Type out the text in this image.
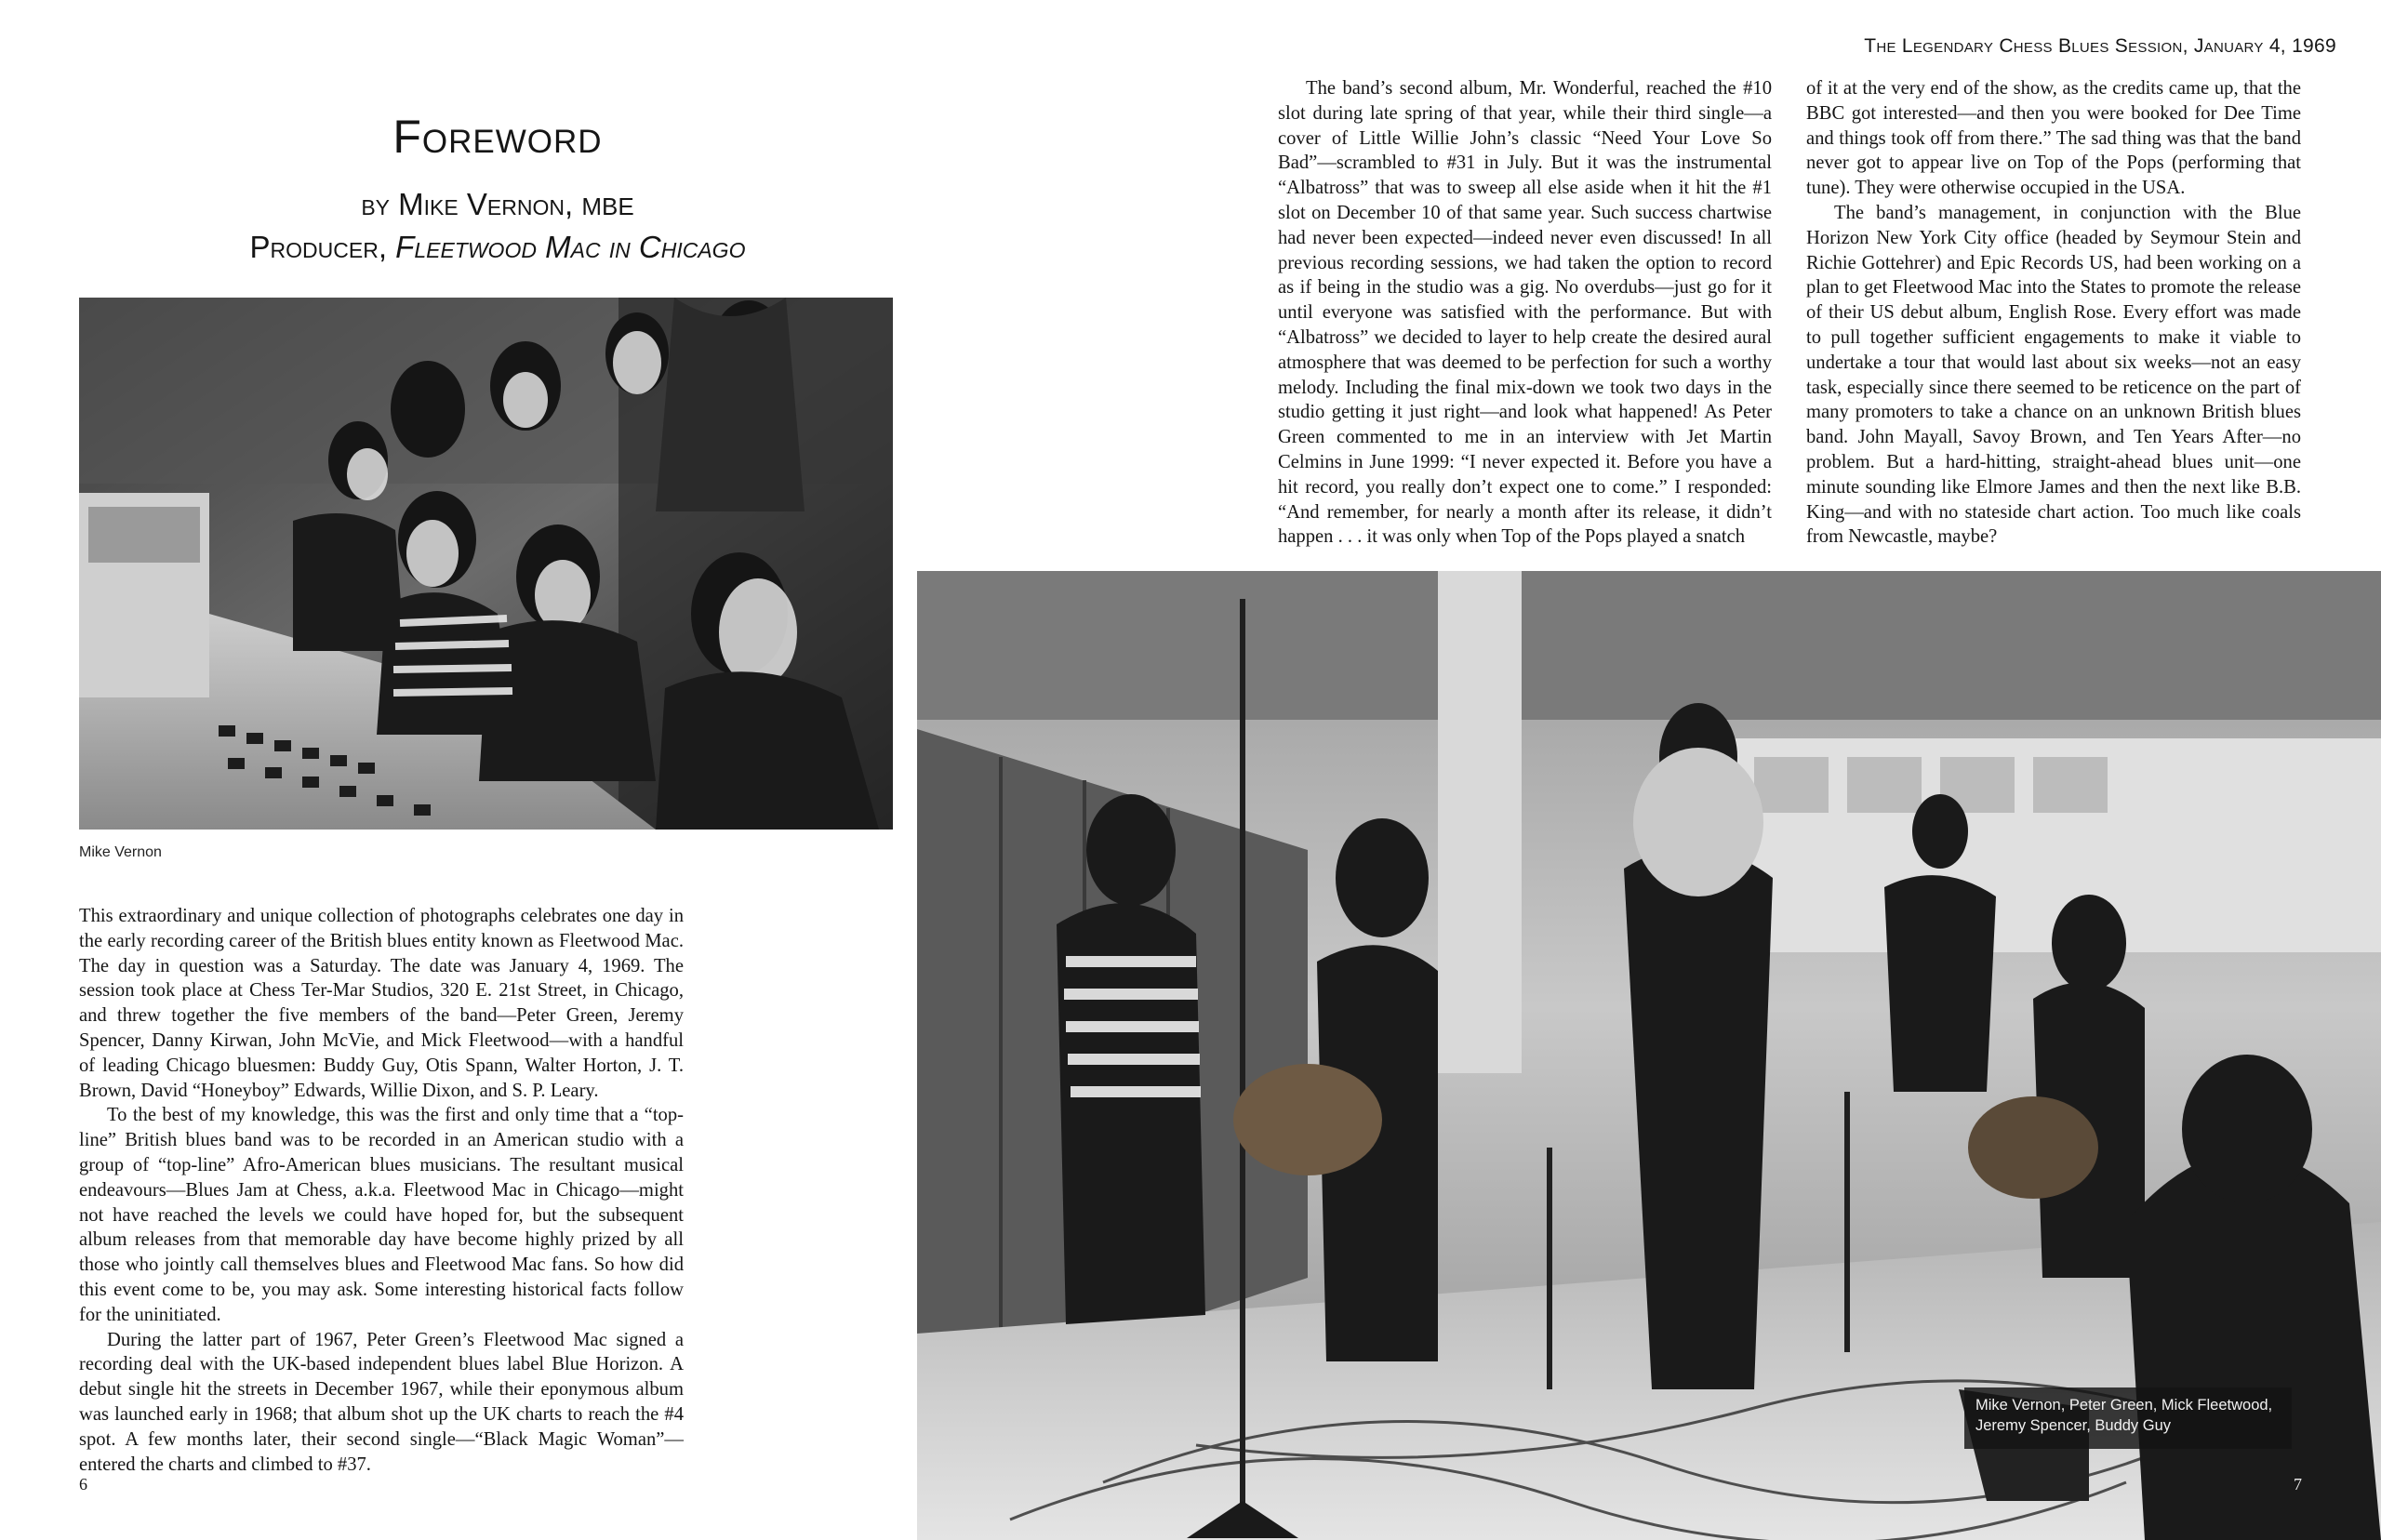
Foreword
by Mike Vernon, MBE
Producer, Fleetwood Mac in Chicago
Mike Vernon

This extraordinary and unique collection of photographs celebrates one day in the early recording career of the British blues entity known as Fleetwood Mac. The day in question was a Saturday. The date was January 4, 1969. The session took place at Chess Ter-Mar Studios, 320 E. 21st Street, in Chicago, and threw together the five members of the band—Peter Green, Jeremy Spencer, Danny Kirwan, John McVie, and Mick Fleetwood—with a handful of leading Chicago bluesmen: Buddy Guy, Otis Spann, Walter Horton, J. T. Brown, David “Honeyboy” Edwards, Willie Dixon, and S. P. Leary.

To the best of my knowledge, this was the first and only time that a “top-line” British blues band was to be recorded in an American studio with a group of “top-line” Afro-American blues musicians. The resultant musical endeavours—Blues Jam at Chess, a.k.a. Fleetwood Mac in Chicago—might not have reached the levels we could have hoped for, but the subsequent album releases from that memorable day have become highly prized by all those who jointly call themselves blues and Fleetwood Mac fans. So how did this event come to be, you may ask. Some interesting historical facts follow for the uninitiated.

During the latter part of 1967, Peter Green’s Fleetwood Mac signed a recording deal with the UK-based independent blues label Blue Horizon. A debut single hit the streets in December 1967, while their eponymous album was launched early in 1968; that album shot up the UK charts to reach the #4 spot. A few months later, their second single—“Black Magic Woman”—entered the charts and climbed to #37.

6
The Legendary Chess Blues Session, January 4, 1969

The band’s second album, Mr. Wonderful, reached the #10 slot during late spring of that year, while their third single—a cover of Little Willie John’s classic “Need Your Love So Bad”—scrambled to #31 in July. But it was the instrumental “Albatross” that was to sweep all else aside when it hit the #1 slot on December 10 of that same year. Such success chartwise had never been expected—indeed never even discussed! In all previous recording sessions, we had taken the option to record as if being in the studio was a gig. No overdubs—just go for it until everyone was satisfied with the performance. But with “Albatross” we decided to layer to help create the desired aural atmosphere that was deemed to be perfection for such a worthy melody. Including the final mix-down we took two days in the studio getting it just right—and look what happened! As Peter Green commented to me in an interview with Jet Martin Celmins in June 1999: “I never expected it. Before you have a hit record, you really don’t expect one to come.” I responded: “And remember, for nearly a month after its release, it didn’t happen . . . it was only when Top of the Pops played a snatch

of it at the very end of the show, as the credits came up, that the BBC got interested—and then you were booked for Dee Time and things took off from there.” The sad thing was that the band never got to appear live on Top of the Pops (performing that tune). They were otherwise occupied in the USA.

The band’s management, in conjunction with the Blue Horizon New York City office (headed by Seymour Stein and Richie Gottehrer) and Epic Records US, had been working on a plan to get Fleetwood Mac into the States to promote the release of their US debut album, English Rose. Every effort was made to pull together sufficient engagements to make it viable to undertake a tour that would last about six weeks—not an easy task, especially since there seemed to be reticence on the part of many promoters to take a chance on an unknown British blues band. John Mayall, Savoy Brown, and Ten Years After—no problem. But a hard-hitting, straight-ahead blues unit—one minute sounding like Elmore James and then the next like B.B. King—and with no stateside chart action. Too much like coals from Newcastle, maybe?

Mike Vernon, Peter Green, Mick Fleetwood, Jeremy Spencer, Buddy Guy
7
